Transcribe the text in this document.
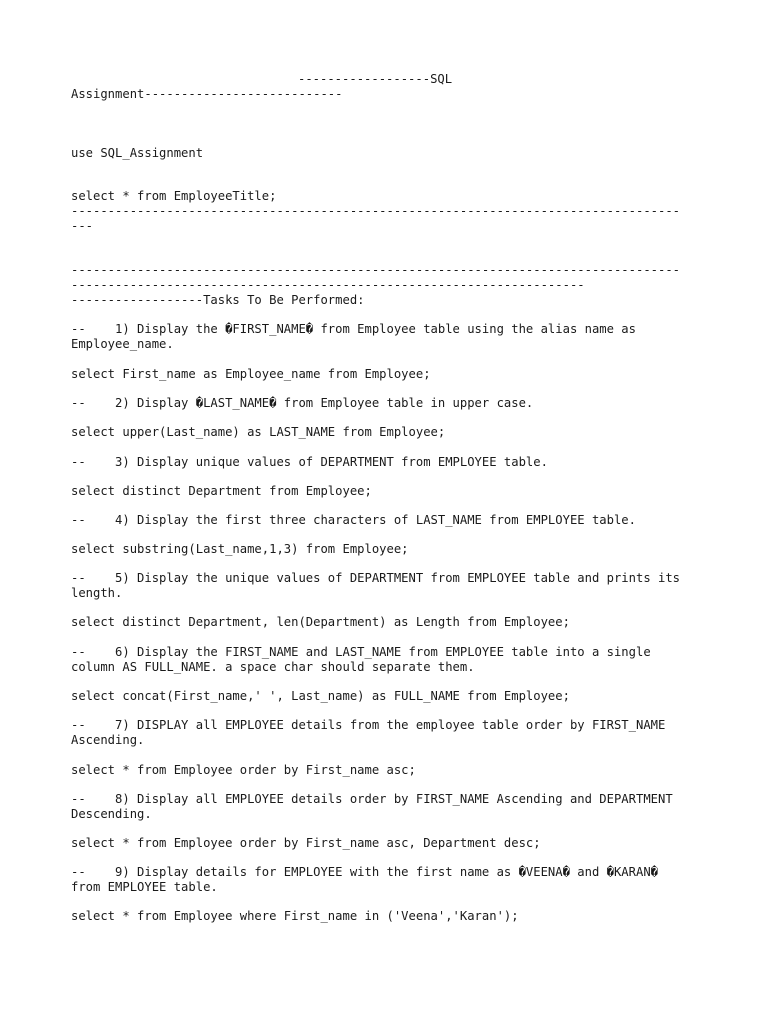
------------------SQL
Assignment---------------------------
use SQL_Assignment
select * from EmployeeTitle;
-----------------------------------------------------------------------------------
---
-----------------------------------------------------------------------------------
----------------------------------------------------------------------
------------------Tasks To Be Performed:
--    1) Display the �FIRST_NAME� from Employee table using the alias name as
Employee_name.
select First_name as Employee_name from Employee;
--    2) Display �LAST_NAME� from Employee table in upper case.
select upper(Last_name) as LAST_NAME from Employee;
--    3) Display unique values of DEPARTMENT from EMPLOYEE table.
select distinct Department from Employee;
--    4) Display the first three characters of LAST_NAME from EMPLOYEE table.
select substring(Last_name,1,3) from Employee;
--    5) Display the unique values of DEPARTMENT from EMPLOYEE table and prints its
length.
select distinct Department, len(Department) as Length from Employee;
--    6) Display the FIRST_NAME and LAST_NAME from EMPLOYEE table into a single
column AS FULL_NAME. a space char should separate them.
select concat(First_name,' ', Last_name) as FULL_NAME from Employee;
--    7) DISPLAY all EMPLOYEE details from the employee table order by FIRST_NAME
Ascending.
select * from Employee order by First_name asc;
--    8) Display all EMPLOYEE details order by FIRST_NAME Ascending and DEPARTMENT
Descending.
select * from Employee order by First_name asc, Department desc;
--    9) Display details for EMPLOYEE with the first name as �VEENA� and �KARAN�
from EMPLOYEE table.
select * from Employee where First_name in ('Veena','Karan');
